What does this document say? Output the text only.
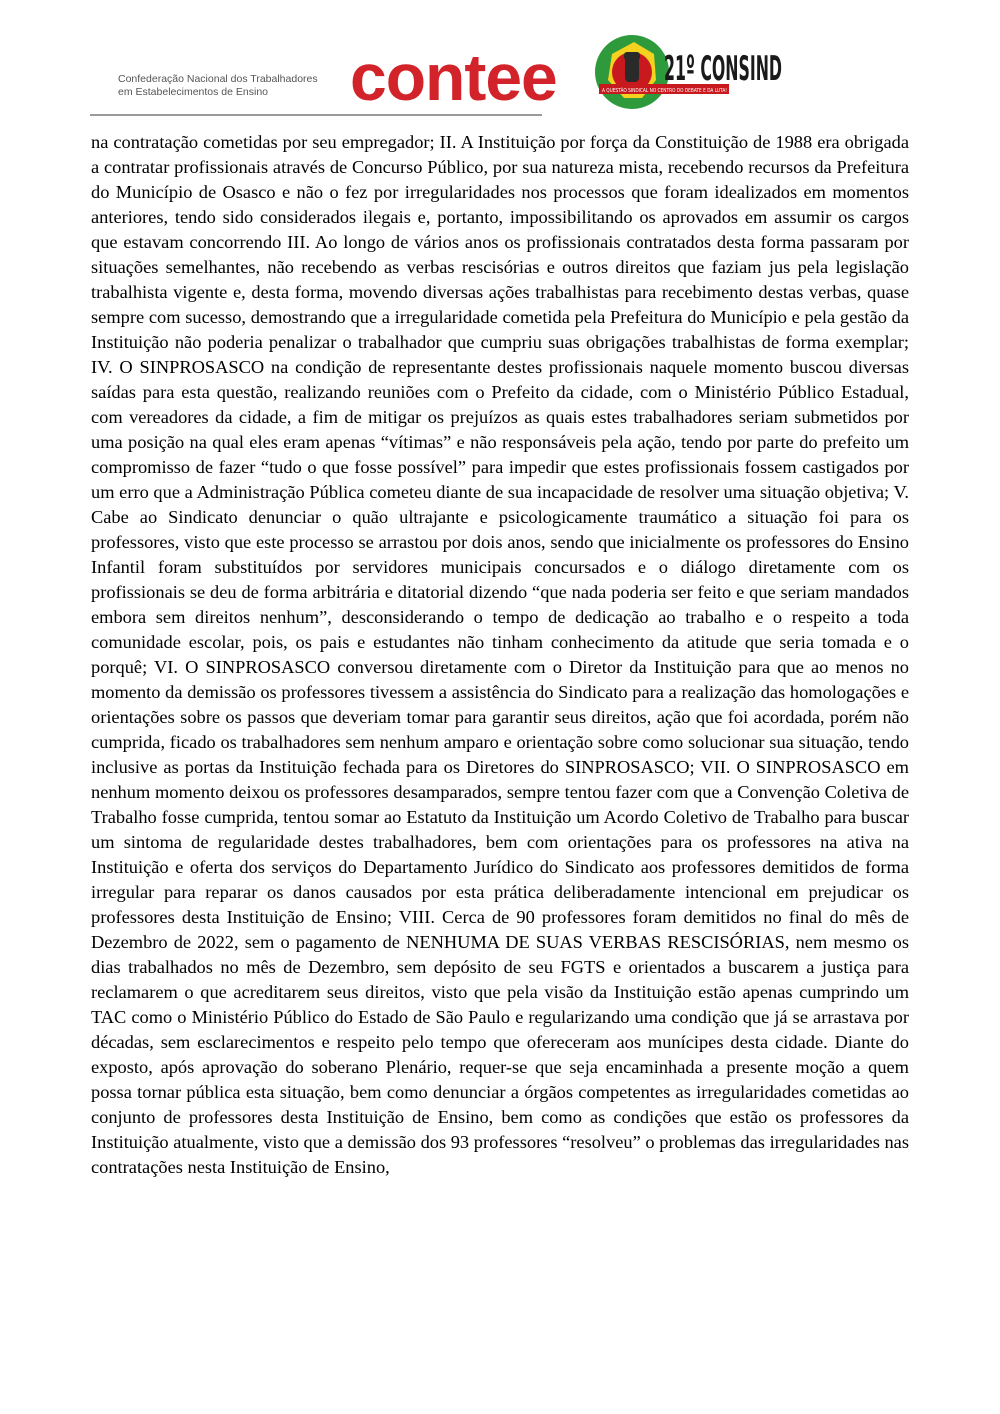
Confederação Nacional dos Trabalhadores
em Estabelecimentos de Ensino	contee	21º CONSIND
A QUESTÃO SINDICAL NO CENTRO DO DEBATE E DA LUTA!

na contratação cometidas por seu empregador; II. A Instituição por força da Constituição de 1988 era obrigada a contratar profissionais através de Concurso Público, por sua natureza mista, recebendo recursos da Prefeitura do Município de Osasco e não o fez por irregularidades nos processos que foram idealizados em momentos anteriores, tendo sido considerados ilegais e, portanto, impossibilitando os aprovados em assumir os cargos que estavam concorrendo III. Ao longo de vários anos os profissionais contratados desta forma passaram por situações semelhantes, não recebendo as verbas rescisórias e outros direitos que faziam jus pela legislação trabalhista vigente e, desta forma, movendo diversas ações trabalhistas para recebimento destas verbas, quase sempre com sucesso, demostrando que a irregularidade cometida pela Prefeitura do Município e pela gestão da Instituição não poderia penalizar o trabalhador que cumpriu suas obrigações trabalhistas de forma exemplar; IV. O SINPROSASCO na condição de representante destes profissionais naquele momento buscou diversas saídas para esta questão, realizando reuniões com o Prefeito da cidade, com o Ministério Público Estadual, com vereadores da cidade, a fim de mitigar os prejuízos as quais estes trabalhadores seriam submetidos por uma posição na qual eles eram apenas “vítimas” e não responsáveis pela ação, tendo por parte do prefeito um compromisso de fazer “tudo o que fosse possível” para impedir que estes profissionais fossem castigados por um erro que a Administração Pública cometeu diante de sua incapacidade de resolver uma situação objetiva; V. Cabe ao Sindicato denunciar o quão ultrajante e psicologicamente traumático a situação foi para os professores, visto que este processo se arrastou por dois anos, sendo que inicialmente os professores do Ensino Infantil foram substituídos por servidores municipais concursados e o diálogo diretamente com os profissionais se deu de forma arbitrária e ditatorial dizendo “que nada poderia ser feito e que seriam mandados embora sem direitos nenhum”, desconsiderando o tempo de dedicação ao trabalho e o respeito a toda comunidade escolar, pois, os pais e estudantes não tinham conhecimento da atitude que seria tomada e o porquê; VI. O SINPROSASCO conversou diretamente com o Diretor da Instituição para que ao menos no momento da demissão os professores tivessem a assistência do Sindicato para a realização das homologações e orientações sobre os passos que deveriam tomar para garantir seus direitos, ação que foi acordada, porém não cumprida, ficado os trabalhadores sem nenhum amparo e orientação sobre como solucionar sua situação, tendo inclusive as portas da Instituição fechada para os Diretores do SINPROSASCO; VII. O SINPROSASCO em nenhum momento deixou os professores desamparados, sempre tentou fazer com que a Convenção Coletiva de Trabalho fosse cumprida, tentou somar ao Estatuto da Instituição um Acordo Coletivo de Trabalho para buscar um sintoma de regularidade destes trabalhadores, bem com orientações para os professores na ativa na Instituição e oferta dos serviços do Departamento Jurídico do Sindicato aos professores demitidos de forma irregular para reparar os danos causados por esta prática deliberadamente intencional em prejudicar os professores desta Instituição de Ensino; VIII. Cerca de 90 professores foram demitidos no final do mês de Dezembro de 2022, sem o pagamento de NENHUMA DE SUAS VERBAS RESCISÓRIAS, nem mesmo os dias trabalhados no mês de Dezembro, sem depósito de seu FGTS e orientados a buscarem a justiça para reclamarem o que acreditarem seus direitos, visto que pela visão da Instituição estão apenas cumprindo um TAC como o Ministério Público do Estado de São Paulo e regularizando uma condição que já se arrastava por décadas, sem esclarecimentos e respeito pelo tempo que ofereceram aos munícipes desta cidade. Diante do exposto, após aprovação do soberano Plenário, requer-se que seja encaminhada a presente moção a quem possa tornar pública esta situação, bem como denunciar a órgãos competentes as irregularidades cometidas ao conjunto de professores desta Instituição de Ensino, bem como as condições que estão os professores da Instituição atualmente, visto que a demissão dos 93 professores “resolveu” o problemas das irregularidades nas contratações nesta Instituição de Ensino,
